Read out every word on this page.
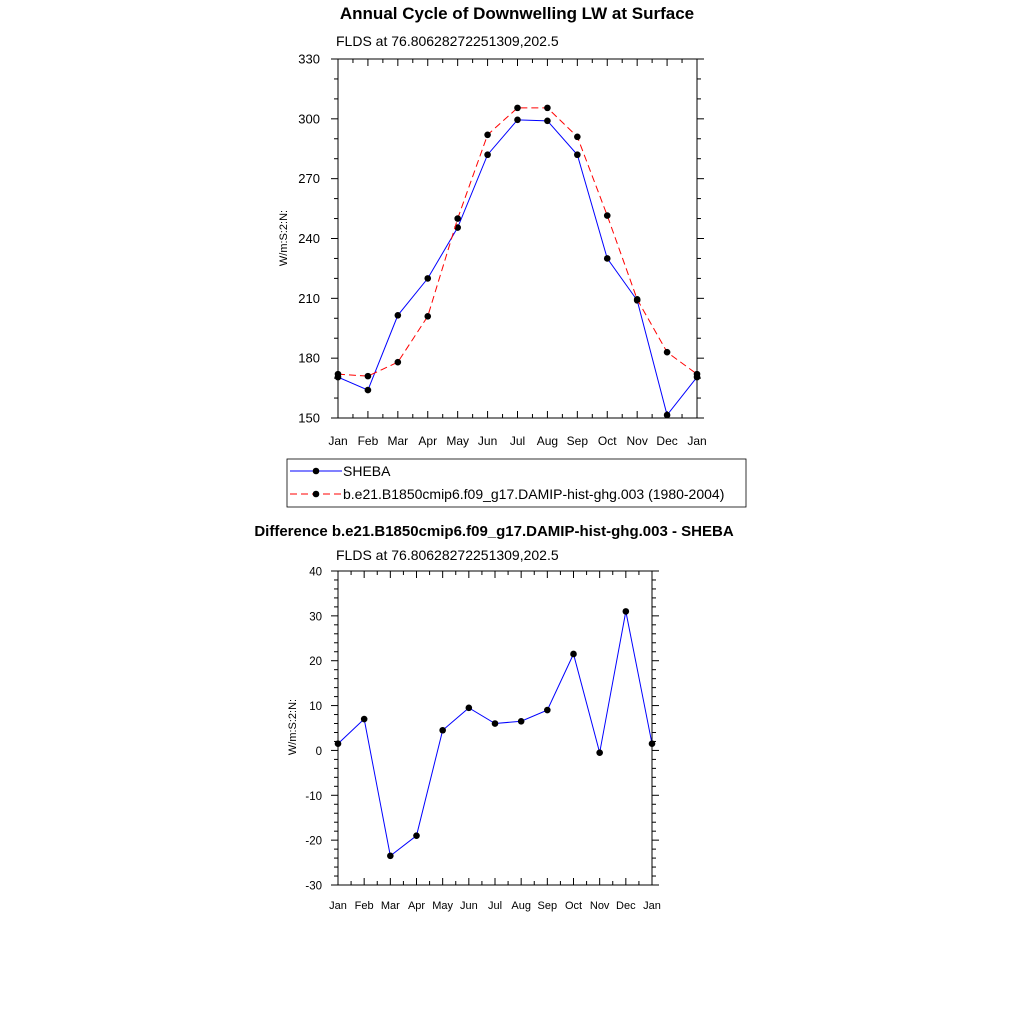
Annual Cycle of Downwelling LW at Surface
FLDS at 76.80628272251309,202.5
W/m:S:2:N:
150
180
210
240
270
300
330
Jan Feb Mar Apr May Jun Jul Aug Sep Oct Nov Dec Jan
SHEBA
b.e21.B1850cmip6.f09_g17.DAMIP-hist-ghg.003 (1980-2004)
Difference b.e21.B1850cmip6.f09_g17.DAMIP-hist-ghg.003 - SHEBA
FLDS at 76.80628272251309,202.5
W/m:S:2:N:
-30
-20
-10
0
10
20
30
40
Jan Feb Mar Apr May Jun Jul Aug Sep Oct Nov Dec Jan
